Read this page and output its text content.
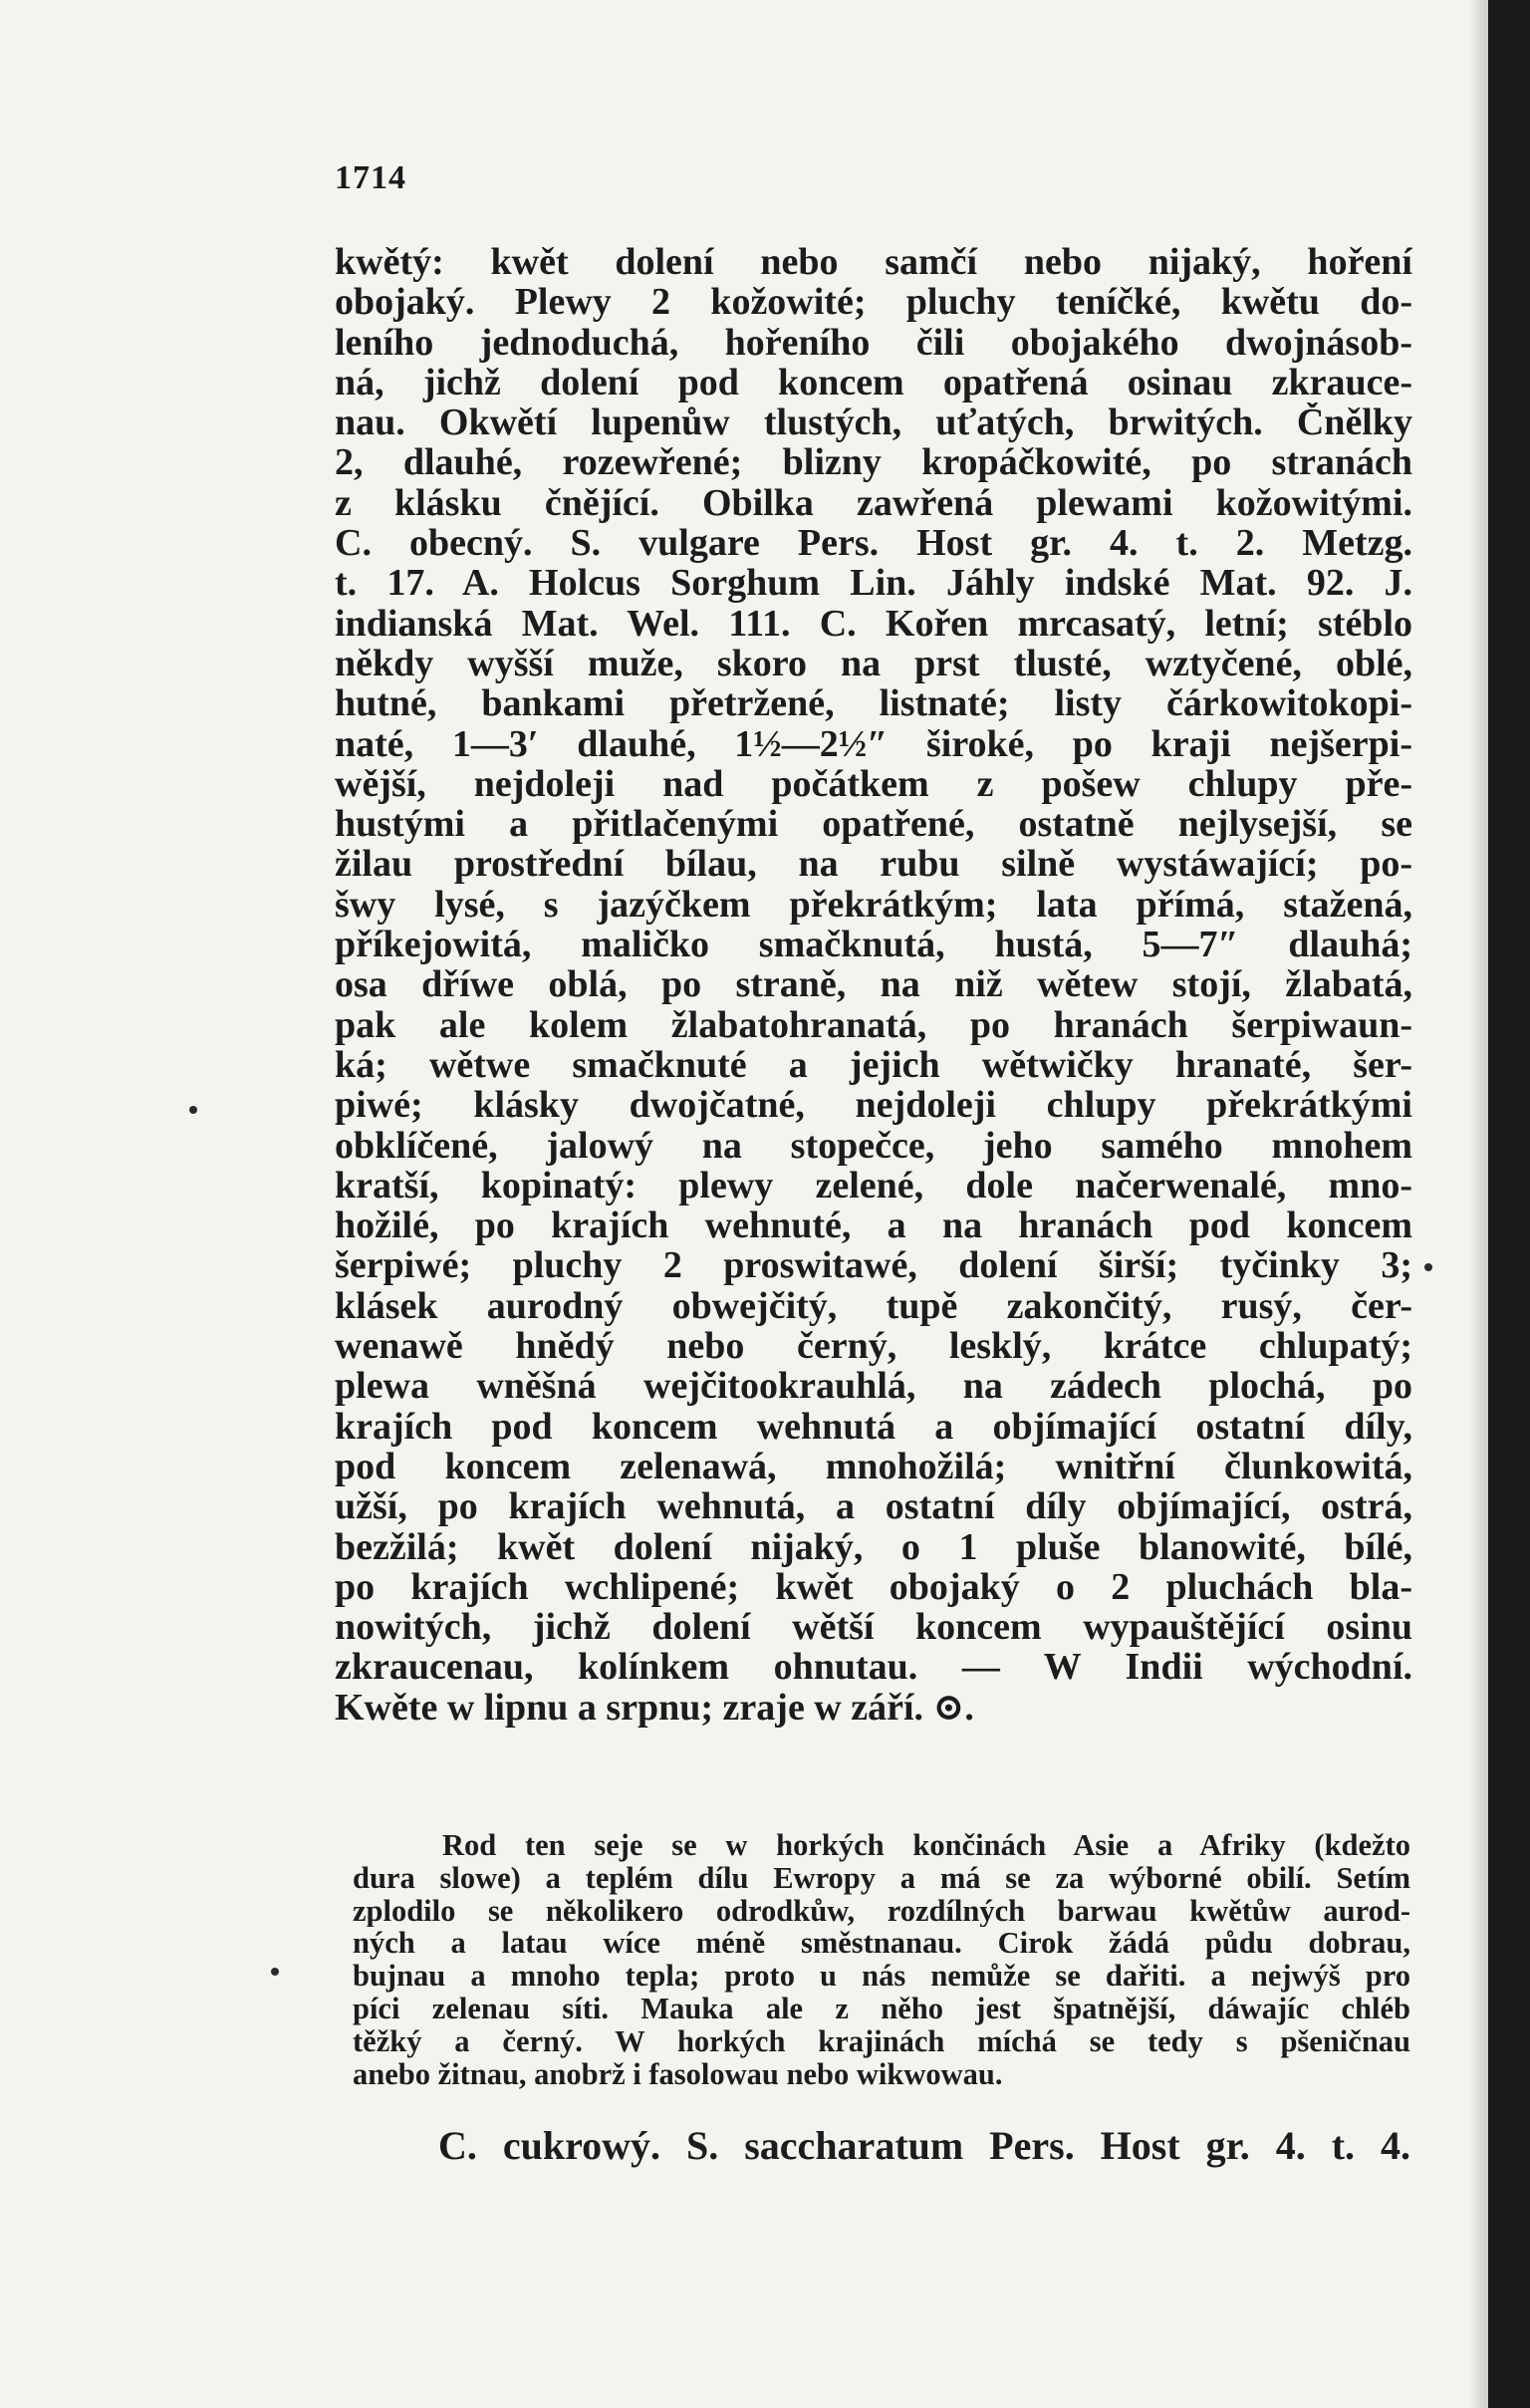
1714
kwětý: kwět dolení nebo samčí nebo nijaký, hoření
obojaký. Plewy 2 kožowité; pluchy teníčké, kwětu do-
leního jednoduchá, hořeního čili obojakého dwojnásob-
ná, jichž dolení pod koncem opatřená osinau zkrauce-
nau. Okwětí lupenůw tlustých, uťatých, brwitých. Čnělky
2, dlauhé, rozewřené; blizny kropáčkowité, po stranách
z klásku čnějící. Obilka zawřená plewami kožowitými.
C. obecný. S. vulgare Pers. Host gr. 4. t. 2. Metzg.
t. 17. A. Holcus Sorghum Lin. Jáhly indské Mat. 92. J.
indianská Mat. Wel. 111. C. Kořen mrcasatý, letní; stéblo
někdy wyšší muže, skoro na prst tlusté, wztyčené, oblé,
hutné, bankami přetržené, listnaté; listy čárkowitokopi-
naté, 1—3′ dlauhé, 1½—2½″ široké, po kraji nejšerpi-
wější, nejdoleji nad počátkem z pošew chlupy pře-
hustými a přitlačenými opatřené, ostatně nejlysejší, se
žilau prostřední bílau, na rubu silně wystáwající; po-
šwy lysé, s jazýčkem překrátkým; lata přímá, stažená,
příkejowitá, maličko smačknutá, hustá, 5—7″ dlauhá;
osa dříwe oblá, po straně, na niž wětew stojí, žlabatá,
pak ale kolem žlabatohranatá, po hranách šerpiwaun-
ká; wětwe smačknuté a jejich wětwičky hranaté, šer-
piwé; klásky dwojčatné, nejdoleji chlupy překrátkými
obklíčené, jalowý na stopečce, jeho samého mnohem
kratší, kopinatý: plewy zelené, dole načerwenalé, mno-
hožilé, po krajích wehnuté, a na hranách pod koncem
šerpiwé; pluchy 2 proswitawé, dolení širší; tyčinky 3;
klásek aurodný obwejčitý, tupě zakončitý, rusý, čer-
wenawě hnědý nebo černý, lesklý, krátce chlupatý;
plewa wněšná wejčitookrauhlá, na zádech plochá, po
krajích pod koncem wehnutá a objímající ostatní díly,
pod koncem zelenawá, mnohožilá; wnitřní člunkowitá,
užší, po krajích wehnutá, a ostatní díly objímající, ostrá,
bezžilá; kwět dolení nijaký, o 1 pluše blanowité, bílé,
po krajích wchlipené; kwět obojaký o 2 pluchách bla-
nowitých, jichž dolení wětší koncem wypauštějící osinu
zkraucenau, kolínkem ohnutau. — W Indii wýchodní.
Kwěte w lipnu a srpnu; zraje w září. ⊙.
Rod ten seje se w horkých končinách Asie a Afriky (kdežto
dura slowe) a teplém dílu Ewropy a má se za wýborné obilí. Setím
zplodilo se několikero odrodkůw, rozdílných barwau kwětůw aurod-
ných a latau wíce méně směstnanau. Cirok žádá půdu dobrau,
bujnau a mnoho tepla; proto u nás nemůže se dařiti. a nejwýš pro
píci zelenau síti. Mauka ale z něho jest špatnější, dáwajíc chléb
těžký a černý. W horkých krajinách míchá se tedy s pšeničnau
anebo žitnau, anobrž i fasolowau nebo wikwowau.
C. cukrowý. S. saccharatum Pers. Host gr. 4. t. 4.
